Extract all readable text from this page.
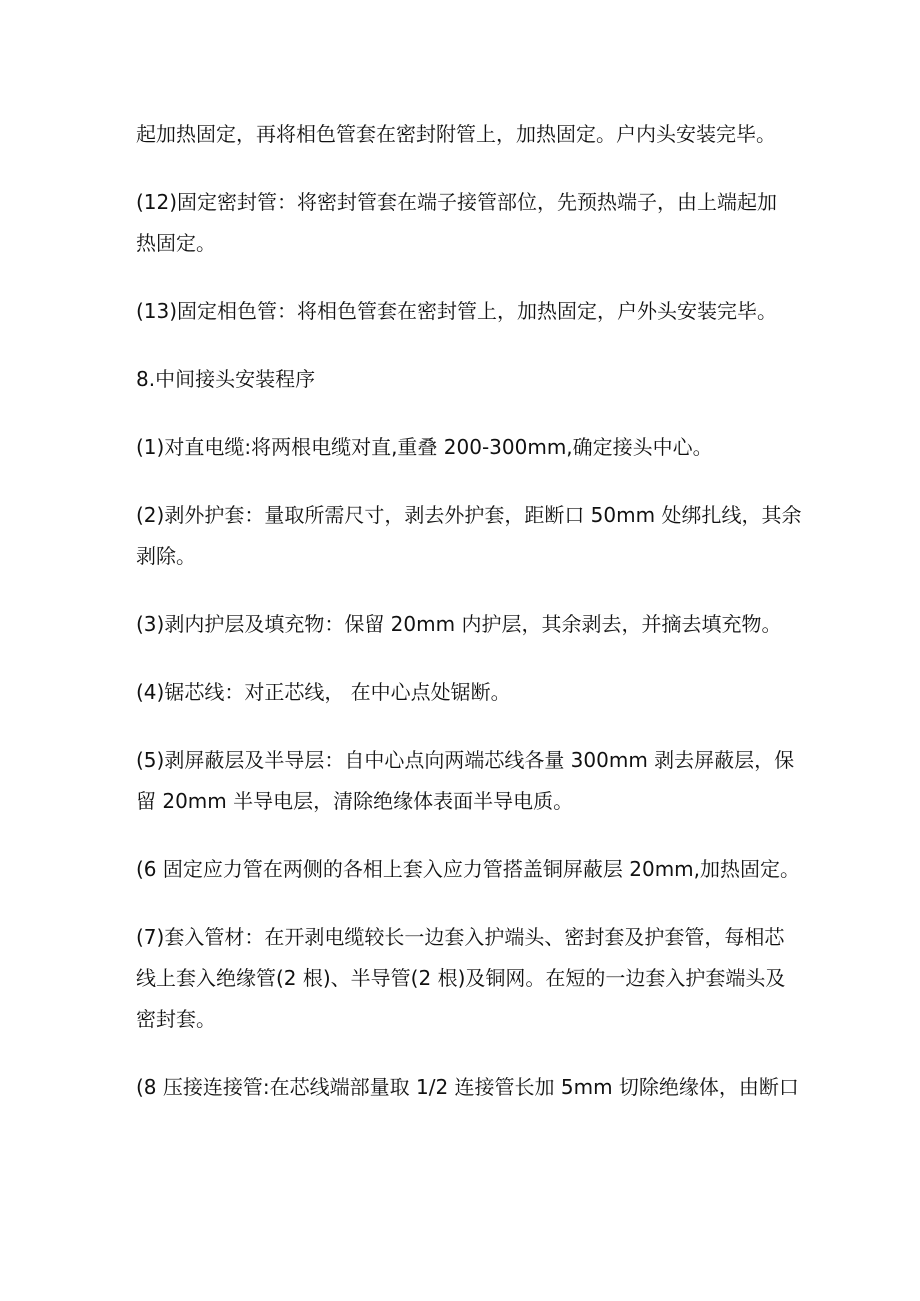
起加热固定，再将相色管套在密封附管上，加热固定。户内头安装完毕。

(12)固定密封管：将密封管套在端子接管部位，先预热端子，由上端起加
热固定。

(13)固定相色管：将相色管套在密封管上，加热固定，户外头安装完毕。

8.中间接头安装程序

(1)对直电缆:将两根电缆对直,重叠 200-300mm,确定接头中心。

(2)剥外护套：量取所需尺寸，剥去外护套，距断口 50mm 处绑扎线，其余
剥除。

(3)剥内护层及填充物：保留 20mm 内护层，其余剥去，并摘去填充物。

(4)锯芯线：对正芯线， 在中心点处锯断。

(5)剥屏蔽层及半导层：自中心点向两端芯线各量 300mm 剥去屏蔽层，保
留 20mm 半导电层，清除绝缘体表面半导电质。

(6 固定应力管在两侧的各相上套入应力管搭盖铜屏蔽层 20mm,加热固定。

(7)套入管材：在开剥电缆较长一边套入护端头、密封套及护套管，每相芯
线上套入绝缘管(2 根)、半导管(2 根)及铜网。在短的一边套入护套端头及
密封套。

(8 压接连接管:在芯线端部量取 1/2 连接管长加 5mm 切除绝缘体，由断口
